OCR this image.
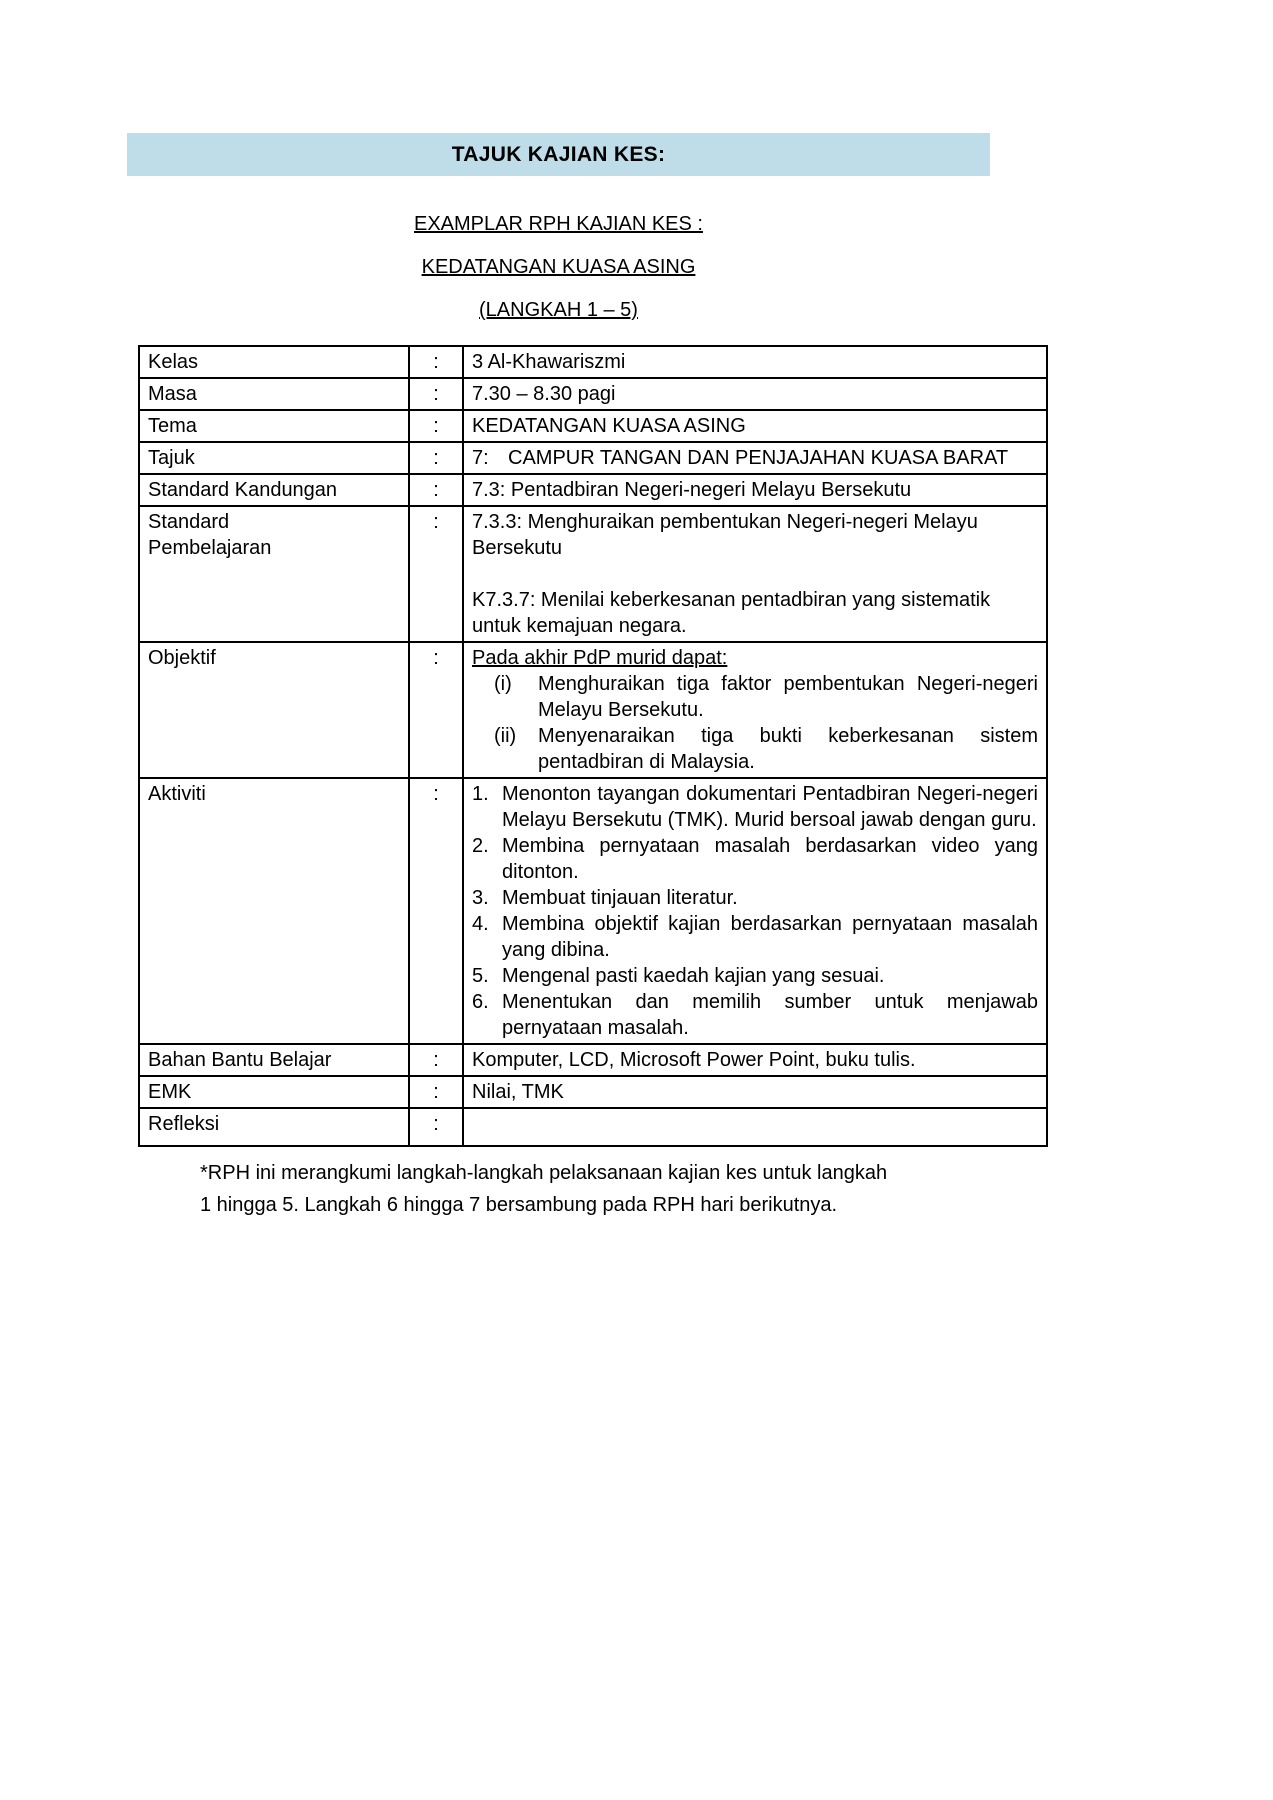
TAJUK KAJIAN KES:
EXAMPLAR RPH KAJIAN KES :
KEDATANGAN KUASA ASING
(LANGKAH 1 – 5)
Kelas	:	3 Al-Khawariszmi
Masa	:	7.30 – 8.30 pagi
Tema	:	KEDATANGAN KUASA ASING
Tajuk	:	7: CAMPUR TANGAN DAN PENJAJAHAN KUASA BARAT

Standard Kandungan	:	7.3: Pentadbiran Negeri-negeri Melayu Bersekutu
Standard Pembelajaran	:	7.3.3: Menghuraikan pembentukan Negeri-negeri Melayu Bersekutu
K7.3.7: Menilai keberkesanan pentadbiran yang sistematik untuk kemajuan negara.

Objektif	:	Pada akhir PdP murid dapat:
(i) Menghuraikan tiga faktor pembentukan Negeri-negeri Melayu Bersekutu.
(ii) Menyenaraikan tiga bukti keberkesanan sistem pentadbiran di Malaysia.

Aktiviti	:	1. Menonton tayangan dokumentari Pentadbiran Negeri-negeri Melayu Bersekutu (TMK). Murid bersoal jawab dengan guru.
2. Membina pernyataan masalah berdasarkan video yang ditonton.
3. Membuat tinjauan literatur.
4. Membina objektif kajian berdasarkan pernyataan masalah yang dibina.
5. Mengenal pasti kaedah kajian yang sesuai.
6. Menentukan dan memilih sumber untuk menjawab pernyataan masalah.

Bahan Bantu Belajar	:	Komputer, LCD, Microsoft Power Point, buku tulis.
EMK	:	Nilai, TMK
Refleksi	:	
*RPH ini merangkumi langkah-langkah pelaksanaan kajian kes untuk langkah
1 hingga 5. Langkah 6 hingga 7 bersambung pada RPH hari berikutnya.
